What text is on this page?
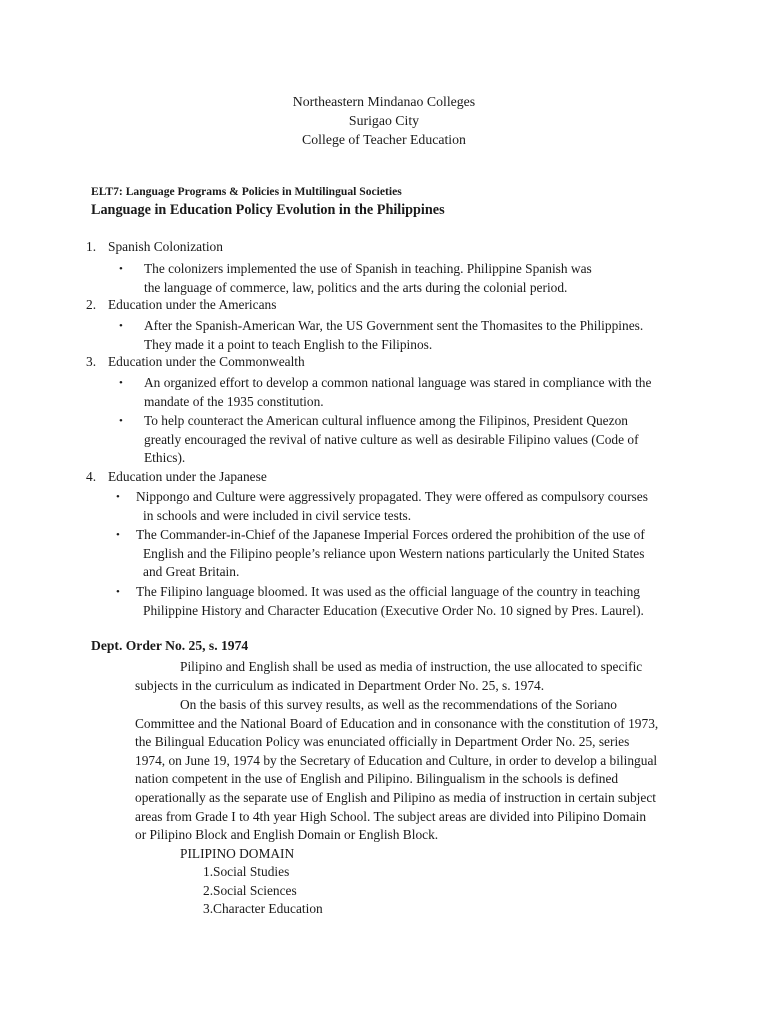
Northeastern Mindanao Colleges
Surigao City
College of Teacher Education
ELT7: Language Programs & Policies in Multilingual Societies
Language in Education Policy Evolution in the Philippines
1. Spanish Colonization
• The colonizers implemented the use of Spanish in teaching. Philippine Spanish was
the language of commerce, law, politics and the arts during the colonial period.
2. Education under the Americans
• After the Spanish-American War, the US Government sent the Thomasites to the Philippines.
They made it a point to teach English to the Filipinos.
3. Education under the Commonwealth
• An organized effort to develop a common national language was stared in compliance with the
mandate of the 1935 constitution.
• To help counteract the American cultural influence among the Filipinos, President Quezon
greatly encouraged the revival of native culture as well as desirable Filipino values (Code of
Ethics).
4. Education under the Japanese
• Nippongo and Culture were aggressively propagated. They were offered as compulsory courses
in schools and were included in civil service tests.
• The Commander-in-Chief of the Japanese Imperial Forces ordered the prohibition of the use of
English and the Filipino people’s reliance upon Western nations particularly the United States
and Great Britain.
• The Filipino language bloomed. It was used as the official language of the country in teaching
Philippine History and Character Education (Executive Order No. 10 signed by Pres. Laurel).
Dept. Order No. 25, s. 1974
Pilipino and English shall be used as media of instruction, the use allocated to specific
subjects in the curriculum as indicated in Department Order No. 25, s. 1974.
On the basis of this survey results, as well as the recommendations of the Soriano
Committee and the National Board of Education and in consonance with the constitution of 1973,
the Bilingual Education Policy was enunciated officially in Department Order No. 25, series
1974, on June 19, 1974 by the Secretary of Education and Culture, in order to develop a bilingual
nation competent in the use of English and Pilipino. Bilingualism in the schools is defined
operationally as the separate use of English and Pilipino as media of instruction in certain subject
areas from Grade I to 4th year High School. The subject areas are divided into Pilipino Domain
or Pilipino Block and English Domain or English Block.
PILIPINO DOMAIN
1.Social Studies
2.Social Sciences
3.Character Education
